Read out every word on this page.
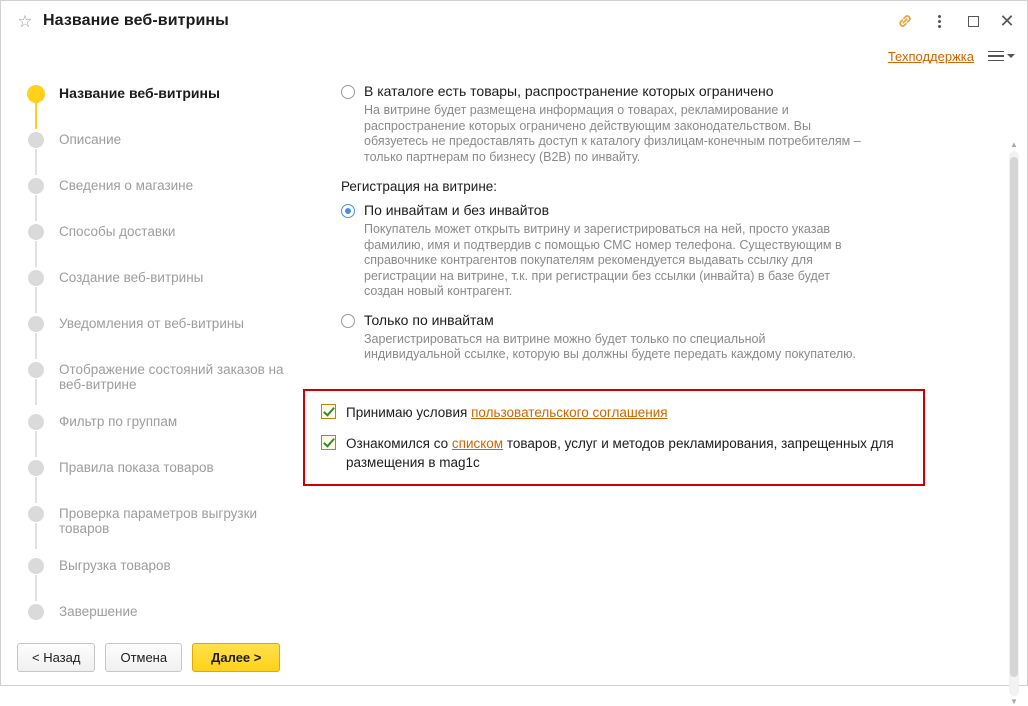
☆ Название веб-витрины	✕
Техподдержка
Название веб-витрины
Описание
Сведения о магазине
Способы доставки
Создание веб-витрины
Уведомления от веб-витрины
Отображение состояний заказов на веб-витрине
Фильтр по группам
Правила показа товаров
Проверка параметров выгрузки товаров
Выгрузка товаров
Завершение
В каталоге есть товары, распространение которых ограничено
На витрине будет размещена информация о товарах, рекламирование и распространение которых ограничено действующим законодательством. Вы обязуетесь не предоставлять доступ к каталогу физлицам-конечным потребителям – только партнерам по бизнесу (B2B) по инвайту.
Регистрация на витрине:
По инвайтам и без инвайтов
Покупатель может открыть витрину и зарегистрироваться на ней, просто указав фамилию, имя и подтвердив с помощью СМС номер телефона. Существующим в справочнике контрагентов покупателям рекомендуется выдавать ссылку для регистрации на витрине, т.к. при регистрации без ссылки (инвайта) в базе будет создан новый контрагент.
Только по инвайтам
Зарегистрироваться на витрине можно будет только по специальной индивидуальной ссылке, которую вы должны будете передать каждому покупателю.
Принимаю условия пользовательского соглашения
Ознакомился со списком товаров, услуг и методов рекламирования, запрещенных для размещения в mag1c
▲
▼
< Назад	Отмена	Далее >
